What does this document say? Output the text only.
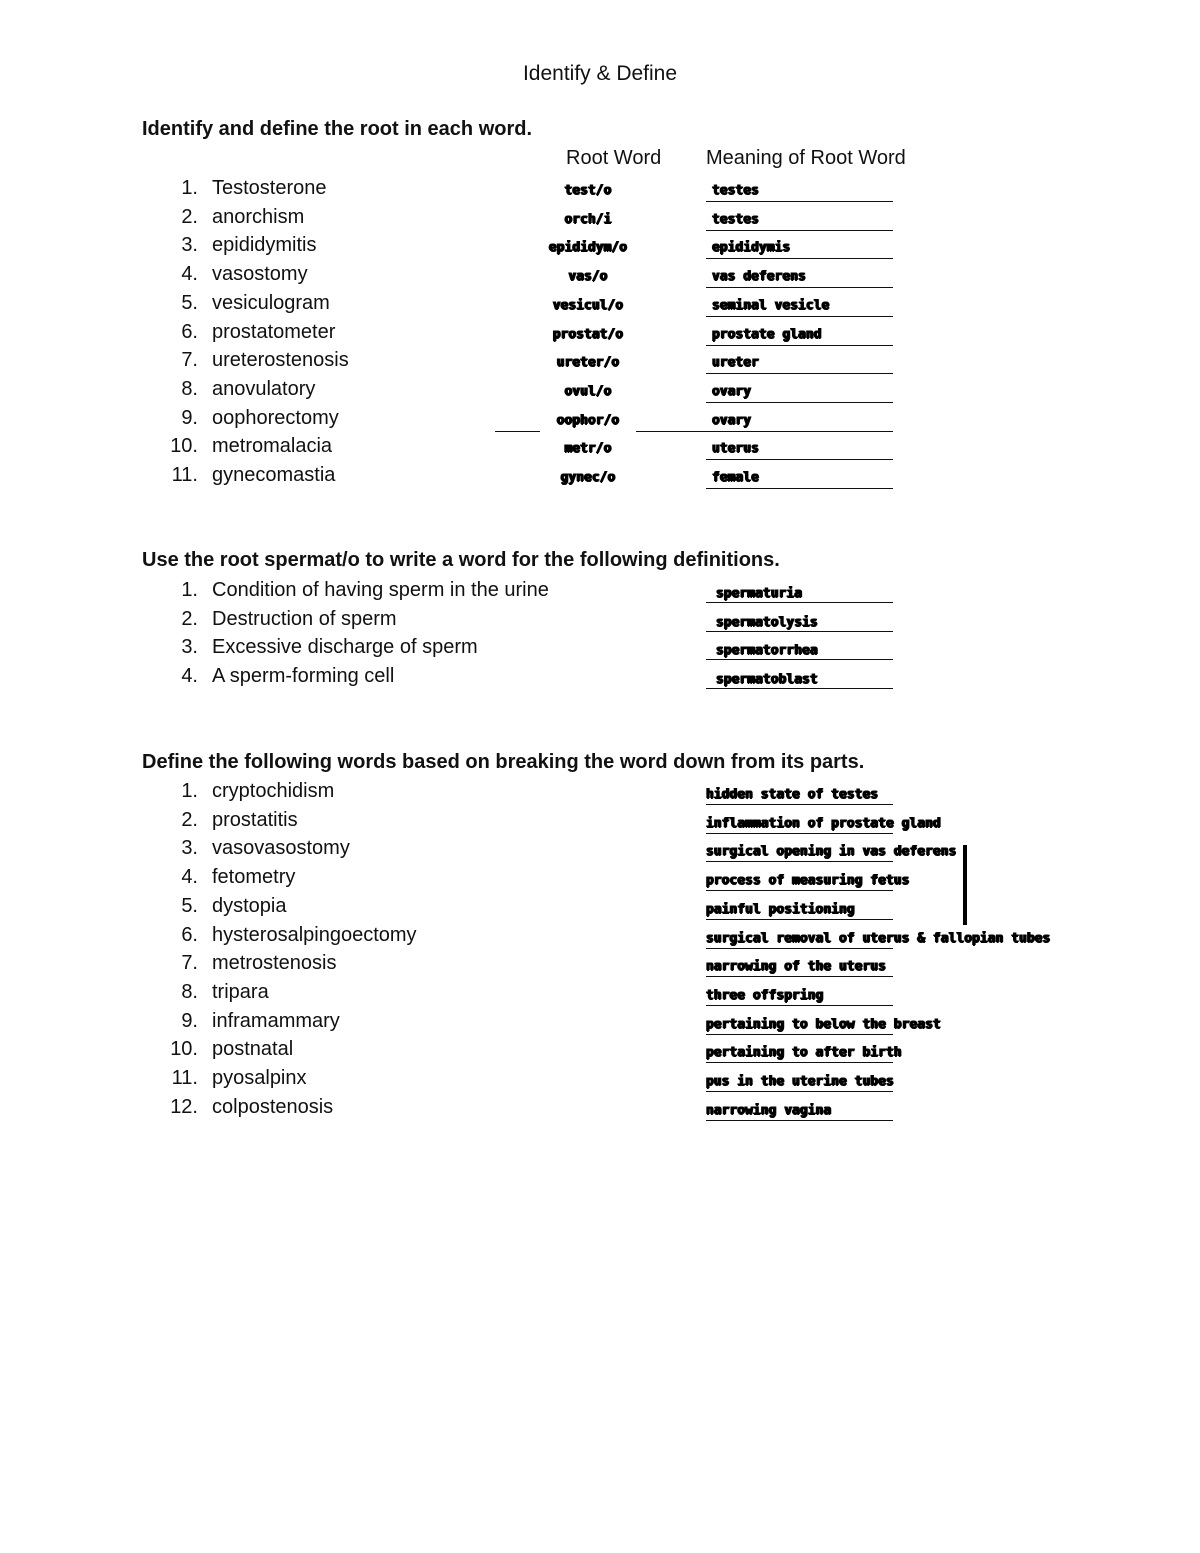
Identify & Define
Identify and define the root in each word.
Root Word Meaning of Root Word
1. Testosterone	test/o	testes
2. anorchism	orch/i	testes
3. epididymitis	epididym/o	epididymis
4. vasostomy	vas/o	vas deferens
5. vesiculogram	vesicul/o	seminal vesicle
6. prostatometer	prostat/o	prostate gland
7. ureterostenosis	ureter/o	ureter
8. anovulatory	ovul/o	ovary
9. oophorectomy	oophor/o	ovary
10. metromalacia	metr/o	uterus
11. gynecomastia	gynec/o	female
Use the root spermat/o to write a word for the following definitions.
1. Condition of having sperm in the urine	spermaturia
2. Destruction of sperm	spermatolysis
3. Excessive discharge of sperm	spermatorrhea
4. A sperm-forming cell	spermatoblast
Define the following words based on breaking the word down from its parts.
1. cryptochidism	hidden state of testes
2. prostatitis	inflammation of prostate gland
3. vasovasostomy	surgical opening in vas deferens
4. fetometry	process of measuring fetus
5. dystopia	painful positioning
6. hysterosalpingoectomy	surgical removal of uterus & fallopian tubes
7. metrostenosis	narrowing of the uterus
8. tripara	three offspring
9. inframammary	pertaining to below the breast
10. postnatal	pertaining to after birth
11. pyosalpinx	pus in the uterine tubes
12. colpostenosis	narrowing vagina
